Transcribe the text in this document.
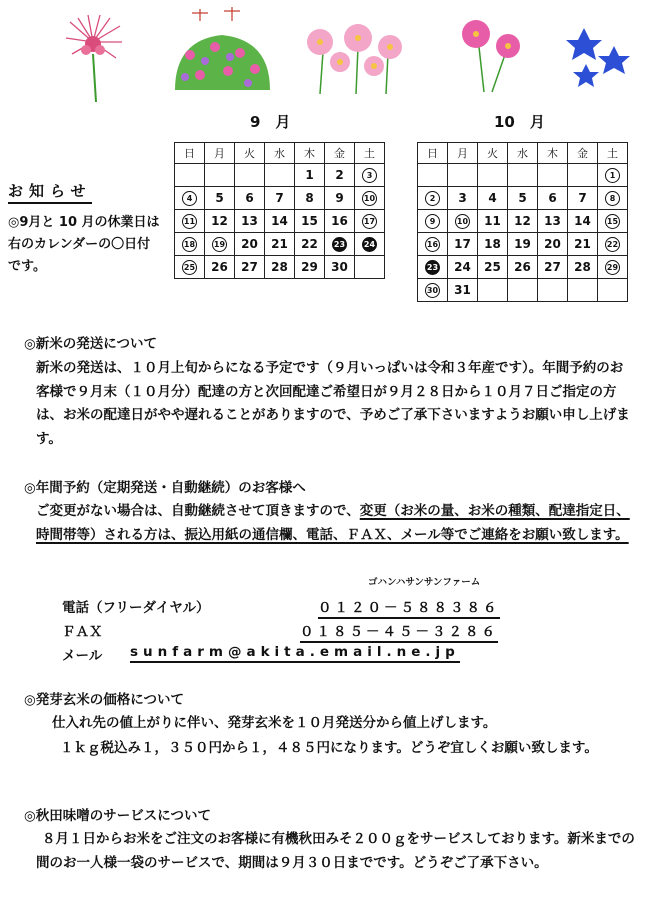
9　月	10　月
日	月	火	水	木	金	土
				1	2	3
4	5	6	7	8	9	10
11	12	13	14	15	16	17
18	19	20	21	22	23	24
25	26	27	28	29	30	
日	月	火	水	木	金	土
						1
2	3	4	5	6	7	8
9	10	11	12	13	14	15
16	17	18	19	20	21	22
23	24	25	26	27	28	29
30	31					
お知らせ
◎9月と 10 月の休業日は右のカレンダーの〇日付です。
◎新米の発送について
新米の発送は、１０月上旬からになる予定です（９月いっぱいは令和３年産です）。年間予約のお客様で９月末（１０月分）配達の方と次回配達ご希望日が９月２８日から１０月７日ご指定の方は、お米の配達日がやや遅れることがありますので、予めご了承下さいますようお願い申し上げます。
◎年間予約（定期発送・自動継続）のお客様へ
ご変更がない場合は、自動継続させて頂きますので、変更（お米の量、お米の種類、配達指定日、時間帯等）される方は、振込用紙の通信欄、電話、ＦＡＸ、メール等でご連絡をお願い致します。
ゴハンハサンサンファーム
電話（フリーダイヤル）	０１２０－５８８３８６
ＦＡＸ	０１８５－４５－３２８６
メール sunfarm@akita.email.ne.jp
◎発芽玄米の価格について
仕入れ先の値上がりに伴い、発芽玄米を１０月発送分から値上げします。
１ｋｇ税込み１，３５０円から１，４８５円になります。どうぞ宜しくお願い致します。
◎秋田味噌のサービスについて
８月１日からお米をご注文のお客様に有機秋田みそ２００ｇをサービスしております。新米までの間のお一人様一袋のサービスで、期間は９月３０日までです。どうぞご了承下さい。
